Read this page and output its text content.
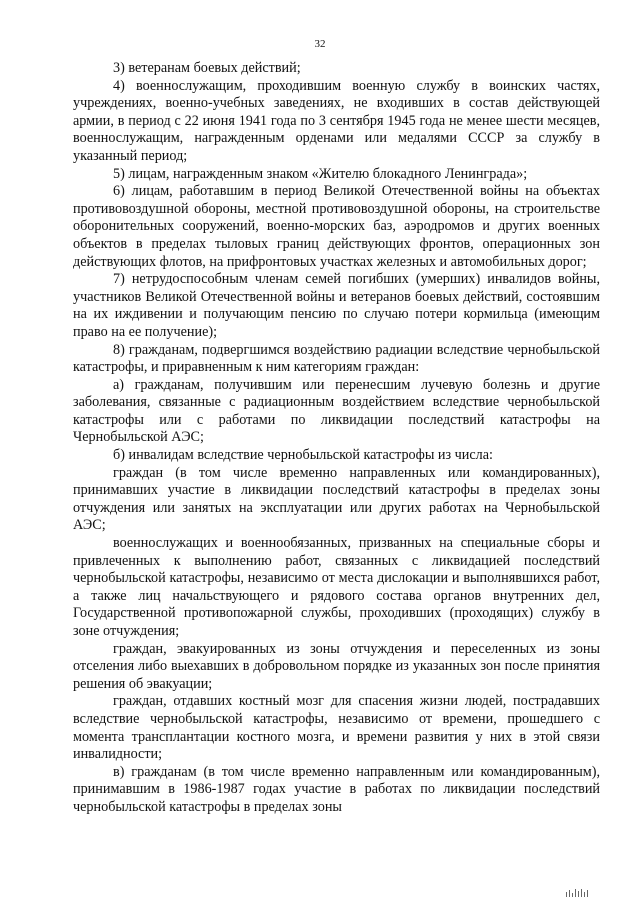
32

3) ветеранам боевых действий;

4) военнослужащим, проходившим военную службу в воинских частях, учреждениях, военно-учебных заведениях, не входивших в состав действующей армии, в период с 22 июня 1941 года по 3 сентября 1945 года не менее шести месяцев, военнослужащим, награжденным орденами или медалями СССР за службу в указанный период;

5) лицам, награжденным знаком «Жителю блокадного Ленинграда»;

6) лицам, работавшим в период Великой Отечественной войны на объектах противовоздушной обороны, местной противовоздушной обороны, на строительстве оборонительных сооружений, военно-морских баз, аэродромов и других военных объектов в пределах тыловых границ действующих фронтов, операционных зон действующих флотов, на прифронтовых участках железных и автомобильных дорог;

7) нетрудоспособным членам семей погибших (умерших) инвалидов войны, участников Великой Отечественной войны и ветеранов боевых действий, состоявшим на их иждивении и получающим пенсию по случаю потери кормильца (имеющим право на ее получение);

8) гражданам, подвергшимся воздействию радиации вследствие чернобыльской катастрофы, и приравненным к ним категориям граждан:

а) гражданам, получившим или перенесшим лучевую болезнь и другие заболевания, связанные с радиационным воздействием вследствие чернобыльской катастрофы или с работами по ликвидации последствий катастрофы на Чернобыльской АЭС;

б) инвалидам вследствие чернобыльской катастрофы из числа:

граждан (в том числе временно направленных или командированных), принимавших участие в ликвидации последствий катастрофы в пределах зоны отчуждения или занятых на эксплуатации или других работах на Чернобыльской АЭС;

военнослужащих и военнообязанных, призванных на специальные сборы и привлеченных к выполнению работ, связанных с ликвидацией последствий чернобыльской катастрофы, независимо от места дислокации и выполнявшихся работ, а также лиц начальствующего и рядового состава органов внутренних дел, Государственной противопожарной службы, проходивших (проходящих) службу в зоне отчуждения;

граждан, эвакуированных из зоны отчуждения и переселенных из зоны отселения либо выехавших в добровольном порядке из указанных зон после принятия решения об эвакуации;

граждан, отдавших костный мозг для спасения жизни людей, пострадавших вследствие чернобыльской катастрофы, независимо от времени, прошедшего с момента трансплантации костного мозга, и времени развития у них в этой связи инвалидности;

в) гражданам (в том числе временно направленным или командированным), принимавшим в 1986-1987 годах участие в работах по ликвидации последствий чернобыльской катастрофы в пределах зоны
